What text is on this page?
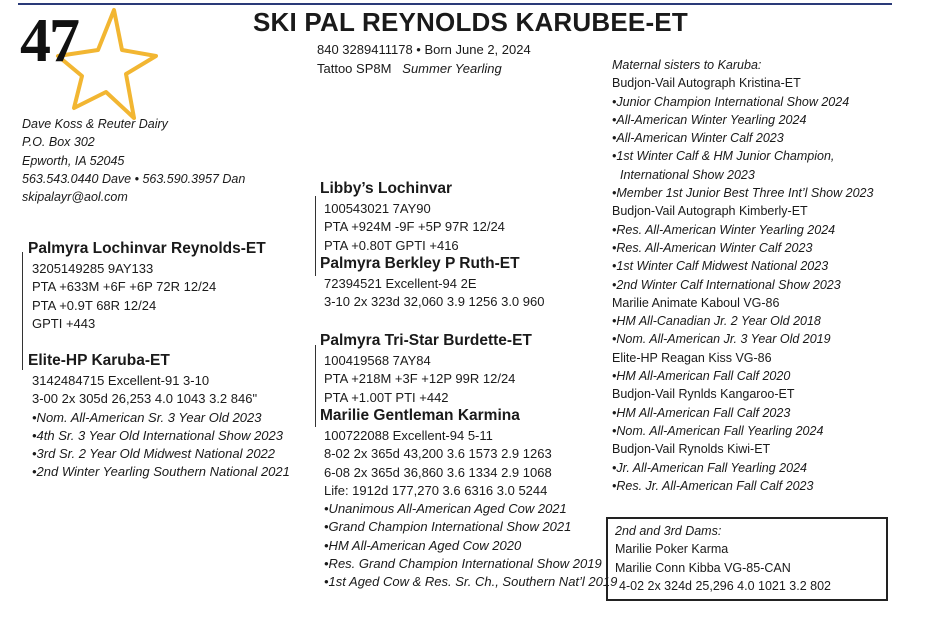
47	SKI PAL REYNOLDS KARUBEE-ET
840 3289411178 • Born June 2, 2024
Tattoo SP8M Summer Yearling
Dave Koss & Reuter Dairy
P.O. Box 302
Epworth, IA 52045
563.543.0440 Dave • 563.590.3957 Dan
skipalayr@aol.com
Palmyra Lochinvar Reynolds-ET
3205149285 9AY133
PTA +633M +6F +6P 72R 12/24
PTA +0.9T 68R 12/24
GPTI +443
Elite-HP Karuba-ET
3142484715 Excellent-91 3-10
3-00 2x 305d 26,253 4.0 1043 3.2 846"
•Nom. All-American Sr. 3 Year Old 2023
•4th Sr. 3 Year Old International Show 2023
•3rd Sr. 2 Year Old Midwest National 2022
•2nd Winter Yearling Southern National 2021
Libby’s Lochinvar
100543021 7AY90
PTA +924M -9F +5P 97R 12/24
PTA +0.80T GPTI +416
Palmyra Berkley P Ruth-ET
72394521 Excellent-94 2E
3-10 2x 323d 32,060 3.9 1256 3.0 960
Palmyra Tri-Star Burdette-ET
100419568 7AY84
PTA +218M +3F +12P 99R 12/24
PTA +1.00T PTI +442
Marilie Gentleman Karmina
100722088 Excellent-94 5-11
8-02 2x 365d 43,200 3.6 1573 2.9 1263
6-08 2x 365d 36,860 3.6 1334 2.9 1068
Life: 1912d 177,270 3.6 6316 3.0 5244
•Unanimous All-American Aged Cow 2021
•Grand Champion International Show 2021
•HM All-American Aged Cow 2020
•Res. Grand Champion International Show 2019
•1st Aged Cow & Res. Sr. Ch., Southern Nat’l 2019
Maternal sisters to Karuba:
Budjon-Vail Autograph Kristina-ET
•Junior Champion International Show 2024
•All-American Winter Yearling 2024
•All-American Winter Calf 2023
•1st Winter Calf & HM Junior Champion,
International Show 2023
•Member 1st Junior Best Three Int’l Show 2023
Budjon-Vail Autograph Kimberly-ET
•Res. All-American Winter Yearling 2024
•Res. All-American Winter Calf 2023
•1st Winter Calf Midwest National 2023
•2nd Winter Calf International Show 2023
Marilie Animate Kaboul VG-86
•HM All-Canadian Jr. 2 Year Old 2018
•Nom. All-American Jr. 3 Year Old 2019
Elite-HP Reagan Kiss VG-86
•HM All-American Fall Calf 2020
Budjon-Vail Rynlds Kangaroo-ET
•HM All-American Fall Calf 2023
•Nom. All-American Fall Yearling 2024
Budjon-Vail Rynolds Kiwi-ET
•Jr. All-American Fall Yearling 2024
•Res. Jr. All-American Fall Calf 2023
2nd and 3rd Dams:
Marilie Poker Karma
Marilie Conn Kibba VG-85-CAN
4-02 2x 324d 25,296 4.0 1021 3.2 802
